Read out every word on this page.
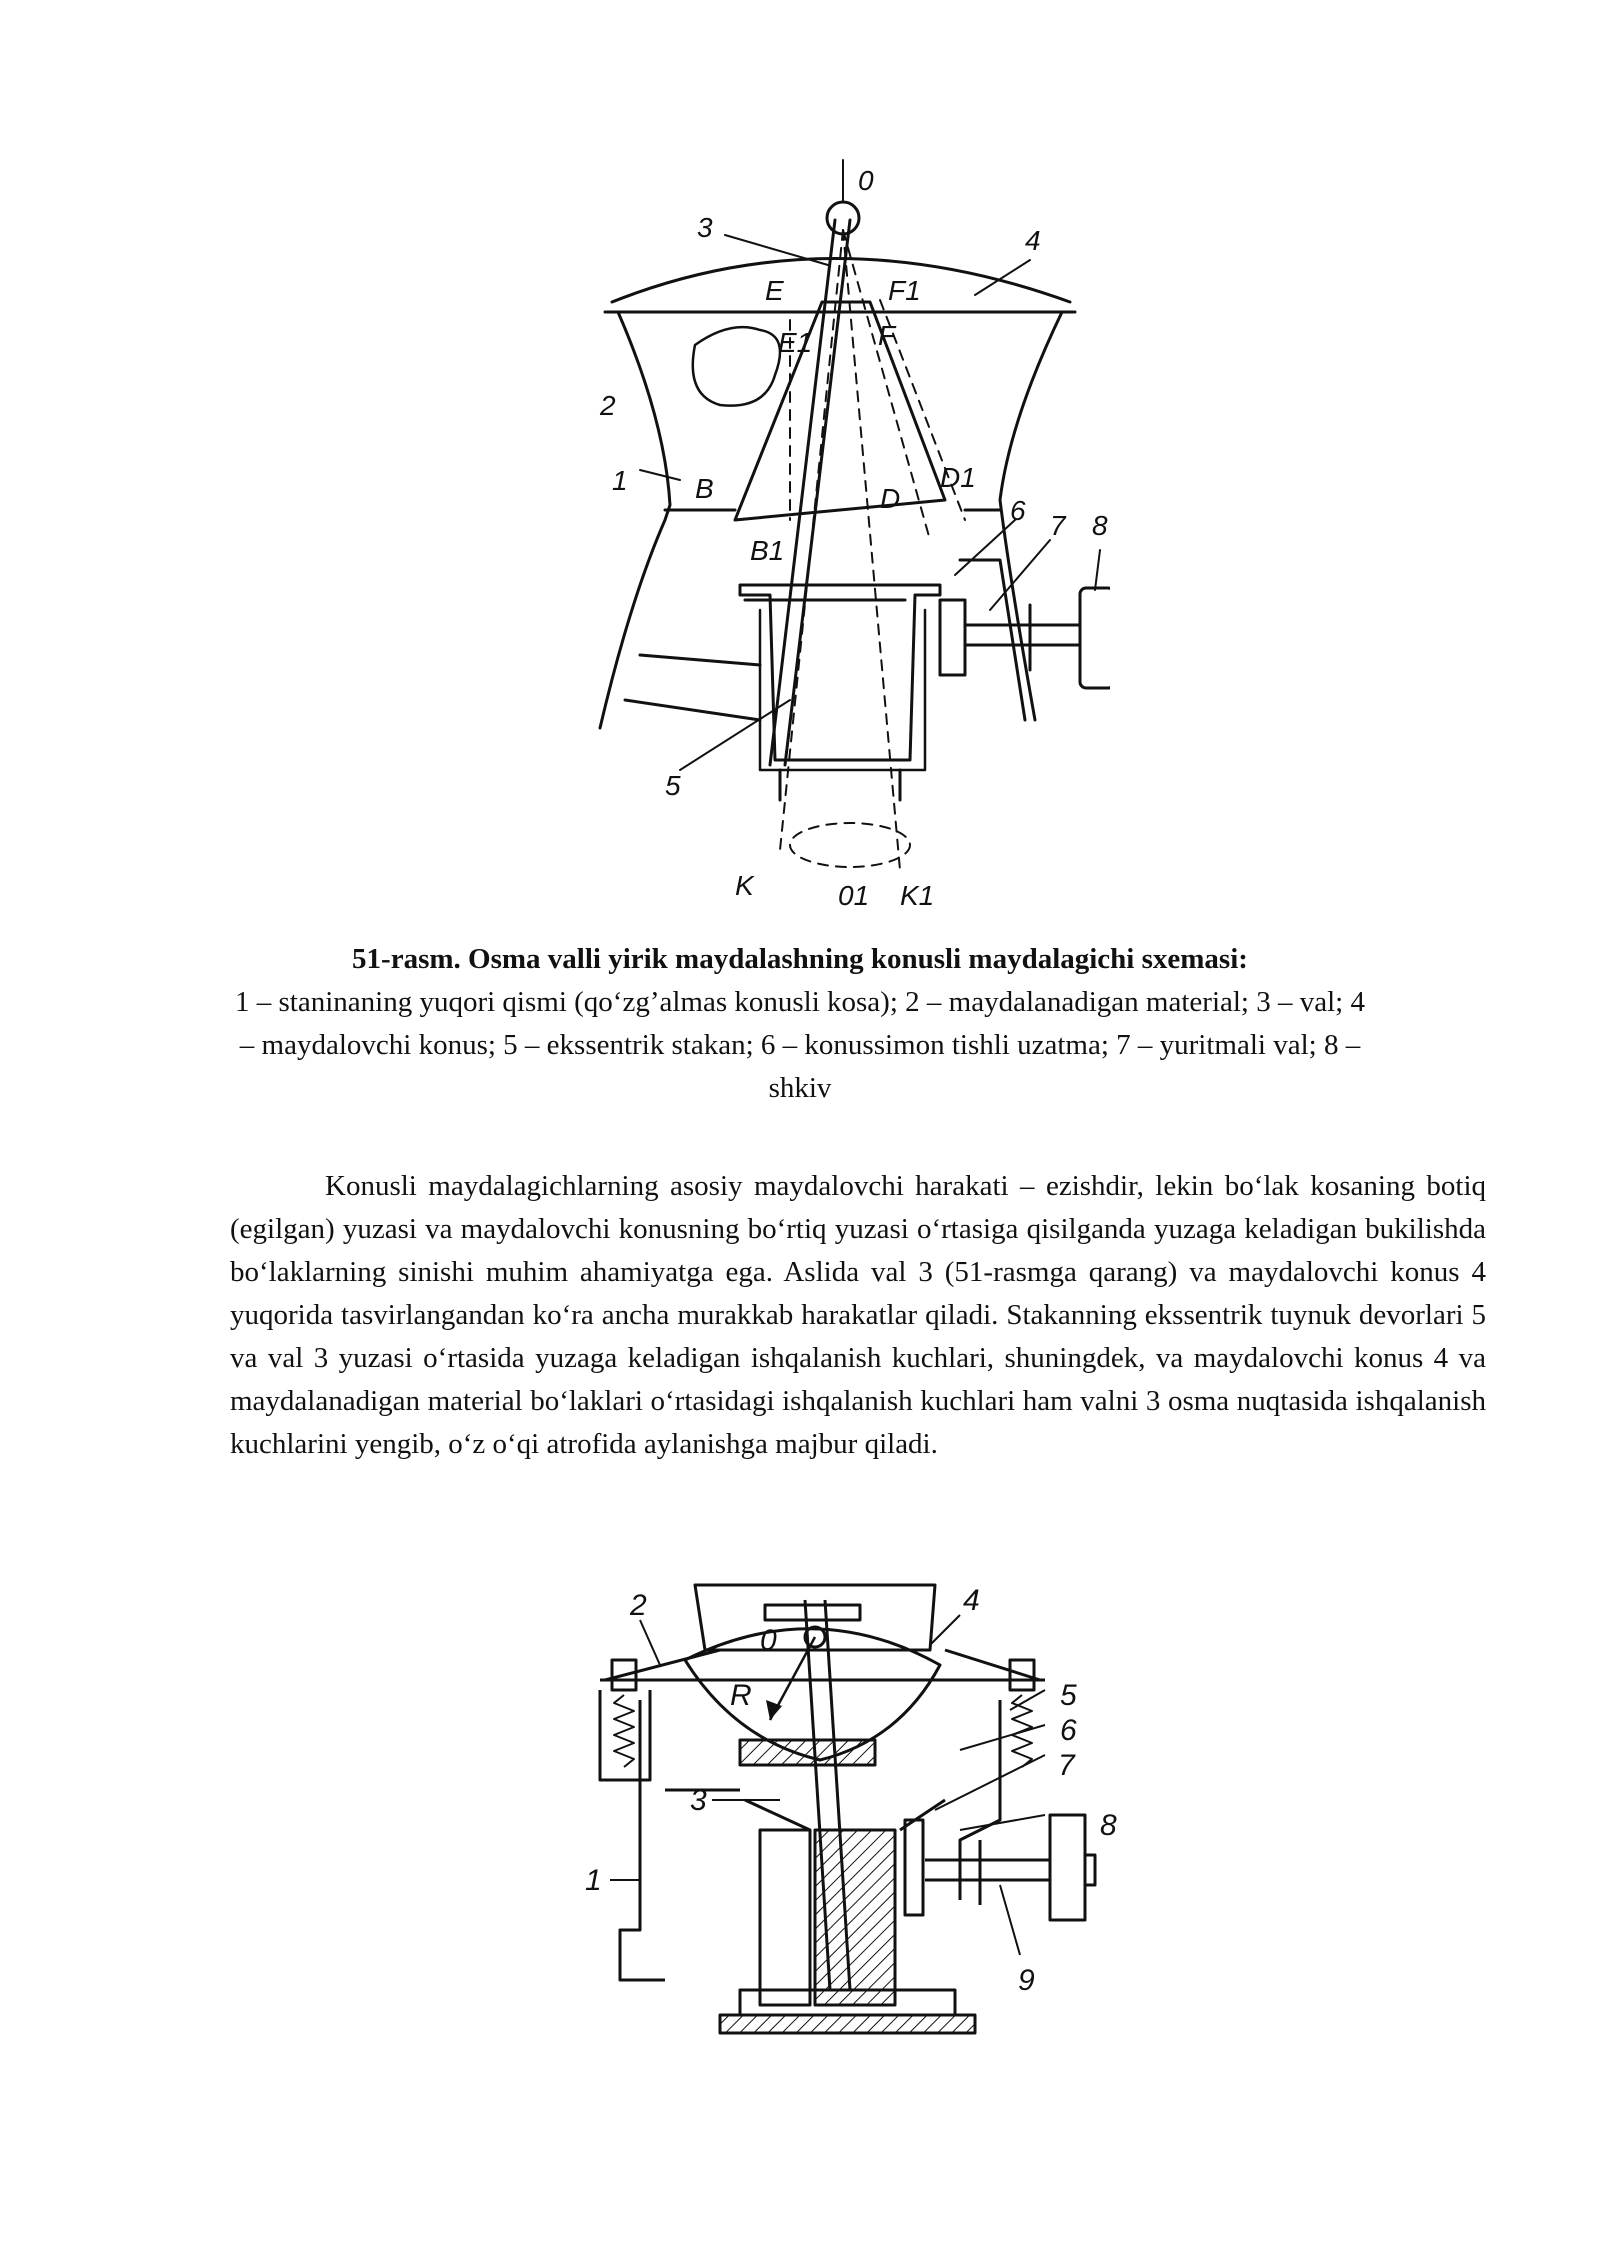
0
3	4
E	F1
E1 F
2
1 B	D
D1
6 7 8
B1
5
K	01 K1
51-rasm. Osma valli yirik maydalashning konusli maydalagichi sxemasi:
1 – staninaning yuqori qismi (qo‘zg’almas konusli kosa); 2 – maydalanadigan material; 3 – val; 4 – maydalovchi konus; 5 – ekssentrik stakan; 6 – konussimon tishli uzatma; 7 – yuritmali val; 8 – shkiv

Konusli maydalagichlarning asosiy maydalovchi harakati – ezishdir, lekin bo‘lak kosaning botiq (egilgan) yuzasi va maydalovchi konusning bo‘rtiq yuzasi o‘rtasiga qisilganda yuzaga keladigan bukilishda bo‘laklarning sinishi muhim ahamiyatga ega. Aslida val 3 (51-rasmga qarang) va maydalovchi konus 4 yuqorida tasvirlangandan ko‘ra ancha murakkab harakatlar qiladi. Stakanning ekssentrik tuynuk devorlari 5 va val 3 yuzasi o‘rtasida yuzaga keladigan ishqalanish kuchlari, shuningdek, va maydalovchi konus 4 va maydalanadigan material bo‘laklari o‘rtasidagi ishqalanish kuchlari ham valni 3 osma nuqtasida ishqalanish kuchlarini yengib, o‘z o‘qi atrofida aylanishga majbur qiladi.

2
0
4
5
R
6
3
7
1
8
9
